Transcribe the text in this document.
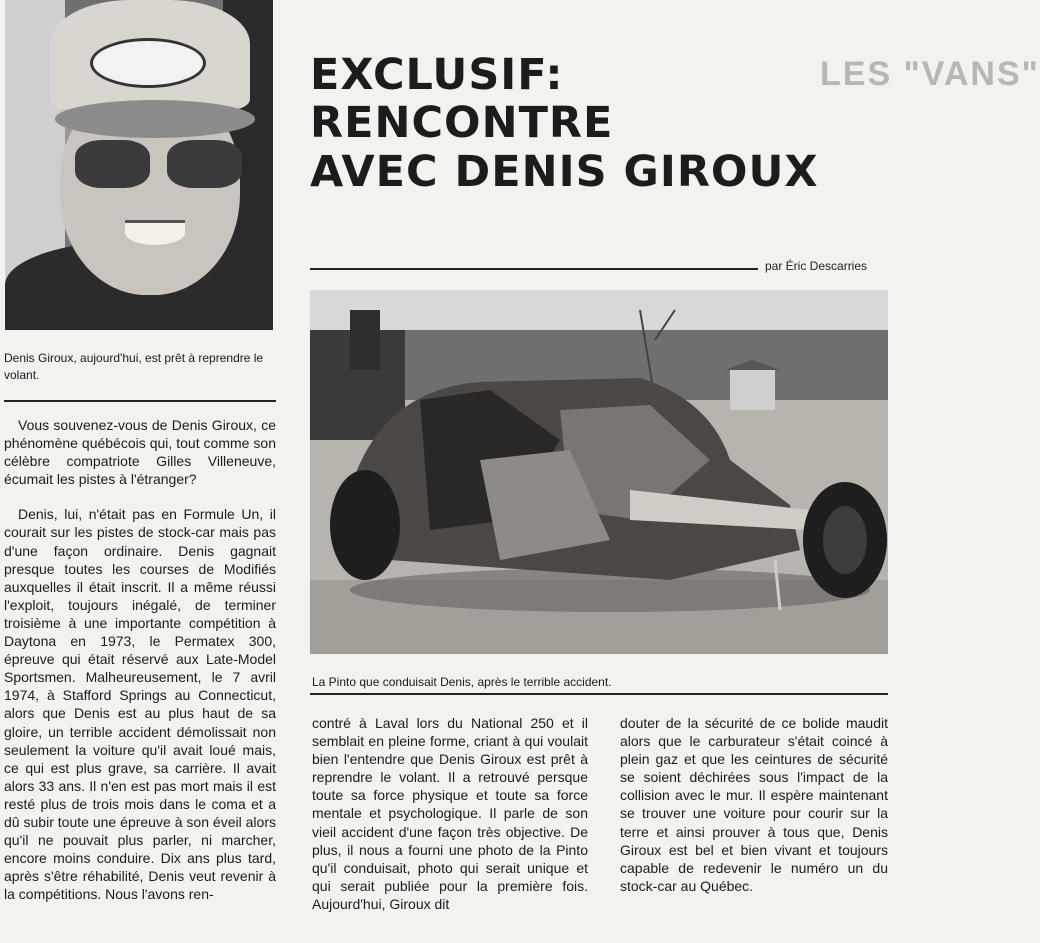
LES "VANS"
EXCLUSIF:
RENCONTRE
AVEC DENIS GIROUX
par Éric Descarries
Denis Giroux, aujourd'hui, est prêt à reprendre le volant.
La Pinto que conduisait Denis, après le terrible accident.

Vous souvenez-vous de Denis Giroux, ce phénomène québécois qui, tout comme son célèbre compatriote Gilles Villeneuve, écumait les pistes à l'étranger?

Denis, lui, n'était pas en Formule Un, il courait sur les pistes de stock-car mais pas d'une façon ordinaire. Denis gagnait presque toutes les courses de Modifiés auxquelles il était inscrit. Il a même réussi l'exploit, toujours inégalé, de terminer troisième à une importante compétition à Daytona en 1973, le Permatex 300, épreuve qui était réservé aux Late-Model Sportsmen. Malheureusement, le 7 avril 1974, à Stafford Springs au Connecticut, alors que Denis est au plus haut de sa gloire, un terrible accident démolissait non seulement la voiture qu'il avait loué mais, ce qui est plus grave, sa carrière. Il avait alors 33 ans. Il n'en est pas mort mais il est resté plus de trois mois dans le coma et a dû subir toute une épreuve à son éveil alors qu'il ne pouvait plus parler, ni marcher, encore moins conduire. Dix ans plus tard, après s'être réhabilité, Denis veut revenir à la compétitions. Nous l'avons ren-

contré à Laval lors du National 250 et il semblait en pleine forme, criant à qui voulait bien l'entendre que Denis Giroux est prêt à reprendre le volant. Il a retrouvé persque toute sa force physique et toute sa force mentale et psychologique. Il parle de son vieil accident d'une façon très objective. De plus, il nous a fourni une photo de la Pinto qu'il conduisait, photo qui serait unique et qui serait publiée pour la première fois. Aujourd'hui, Giroux dit

douter de la sécurité de ce bolide maudit alors que le carburateur s'était coincé à plein gaz et que les ceintures de sécurité se soient déchirées sous l'impact de la collision avec le mur. Il espère maintenant se trouver une voiture pour courir sur la terre et ainsi prouver à tous que, Denis Giroux est bel et bien vivant et toujours capable de redevenir le numéro un du stock-car au Québec.
